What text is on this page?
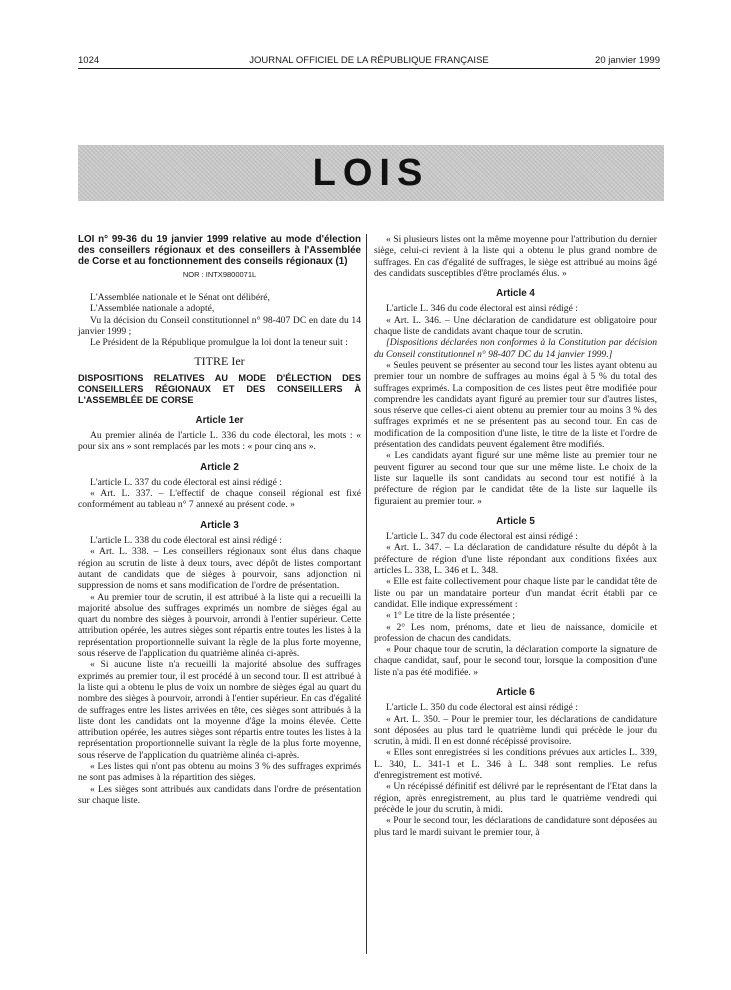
1024	JOURNAL OFFICIEL DE LA RÉPUBLIQUE FRANÇAISE	20 janvier 1999
LOIS
LOI n° 99-36 du 19 janvier 1999 relative au mode d'élection des conseillers régionaux et des conseillers à l'Assemblée de Corse et au fonctionnement des conseils régionaux (1)
NOR : INTX9800071L

L'Assemblée nationale et le Sénat ont délibéré,

L'Assemblée nationale a adopté,

Vu la décision du Conseil constitutionnel n° 98-407 DC en date du 14 janvier 1999 ;

Le Président de la République promulgue la loi dont la teneur suit :

TITRE Ier
DISPOSITIONS RELATIVES AU MODE D'ÉLECTION DES CONSEILLERS RÉGIONAUX ET DES CONSEILLERS À L'ASSEMBLÉE DE CORSE
Article 1er

Au premier alinéa de l'article L. 336 du code électoral, les mots : « pour six ans » sont remplacés par les mots : « pour cinq ans ».

Article 2

L'article L. 337 du code électoral est ainsi rédigé :

« Art. L. 337. – L'effectif de chaque conseil régional est fixé conformément au tableau n° 7 annexé au présent code. »

Article 3

L'article L. 338 du code électoral est ainsi rédigé :

« Art. L. 338. – Les conseillers régionaux sont élus dans chaque région au scrutin de liste à deux tours, avec dépôt de listes comportant autant de candidats que de sièges à pourvoir, sans adjonction ni suppression de noms et sans modification de l'ordre de présentation.

« Au premier tour de scrutin, il est attribué à la liste qui a recueilli la majorité absolue des suffrages exprimés un nombre de sièges égal au quart du nombre des sièges à pourvoir, arrondi à l'entier supérieur. Cette attribution opérée, les autres sièges sont répartis entre toutes les listes à la représentation proportionnelle suivant la règle de la plus forte moyenne, sous réserve de l'application du quatrième alinéa ci-après.

« Si aucune liste n'a recueilli la majorité absolue des suffrages exprimés au premier tour, il est procédé à un second tour. Il est attribué à la liste qui a obtenu le plus de voix un nombre de sièges égal au quart du nombre des sièges à pourvoir, arrondi à l'entier supérieur. En cas d'égalité de suffrages entre les listes arrivées en tête, ces sièges sont attribués à la liste dont les candidats ont la moyenne d'âge la moins élevée. Cette attribution opérée, les autres sièges sont répartis entre toutes les listes à la représentation proportionnelle suivant la règle de la plus forte moyenne, sous réserve de l'application du quatrième alinéa ci-après.

« Les listes qui n'ont pas obtenu au moins 3 % des suffrages exprimés ne sont pas admises à la répartition des sièges.

« Les sièges sont attribués aux candidats dans l'ordre de présentation sur chaque liste.

« Si plusieurs listes ont la même moyenne pour l'attribution du dernier siège, celui-ci revient à la liste qui a obtenu le plus grand nombre de suffrages. En cas d'égalité de suffrages, le siège est attribué au moins âgé des candidats susceptibles d'être proclamés élus. »

Article 4

L'article L. 346 du code électoral est ainsi rédigé :

« Art. L. 346. – Une déclaration de candidature est obligatoire pour chaque liste de candidats avant chaque tour de scrutin.

[Dispositions déclarées non conformes à la Constitution par décision du Conseil constitutionnel n° 98-407 DC du 14 janvier 1999.]

« Seules peuvent se présenter au second tour les listes ayant obtenu au premier tour un nombre de suffrages au moins égal à 5 % du total des suffrages exprimés. La composition de ces listes peut être modifiée pour comprendre les candidats ayant figuré au premier tour sur d'autres listes, sous réserve que celles-ci aient obtenu au premier tour au moins 3 % des suffrages exprimés et ne se présentent pas au second tour. En cas de modification de la composition d'une liste, le titre de la liste et l'ordre de présentation des candidats peuvent également être modifiés.

« Les candidats ayant figuré sur une même liste au premier tour ne peuvent figurer au second tour que sur une même liste. Le choix de la liste sur laquelle ils sont candidats au second tour est notifié à la préfecture de région par le candidat tête de la liste sur laquelle ils figuraient au premier tour. »

Article 5

L'article L. 347 du code électoral est ainsi rédigé :

« Art. L. 347. – La déclaration de candidature résulte du dépôt à la préfecture de région d'une liste répondant aux conditions fixées aux articles L. 338, L. 346 et L. 348.

« Elle est faite collectivement pour chaque liste par le candidat tête de liste ou par un mandataire porteur d'un mandat écrit établi par ce candidat. Elle indique expressément :

« 1° Le titre de la liste présentée ;

« 2° Les nom, prénoms, date et lieu de naissance, domicile et profession de chacun des candidats.

« Pour chaque tour de scrutin, la déclaration comporte la signature de chaque candidat, sauf, pour le second tour, lorsque la composition d'une liste n'a pas été modifiée. »

Article 6

L'article L. 350 du code électoral est ainsi rédigé :

« Art. L. 350. – Pour le premier tour, les déclarations de candidature sont déposées au plus tard le quatrième lundi qui précède le jour du scrutin, à midi. Il en est donné récépissé provisoire.

« Elles sont enregistrées si les conditions prévues aux articles L. 339, L. 340, L. 341-1 et L. 346 à L. 348 sont remplies. Le refus d'enregistrement est motivé.

« Un récépissé définitif est délivré par le représentant de l'Etat dans la région, après enregistrement, au plus tard le quatrième vendredi qui précède le jour du scrutin, à midi.

« Pour le second tour, les déclarations de candidature sont déposées au plus tard le mardi suivant le premier tour, à
